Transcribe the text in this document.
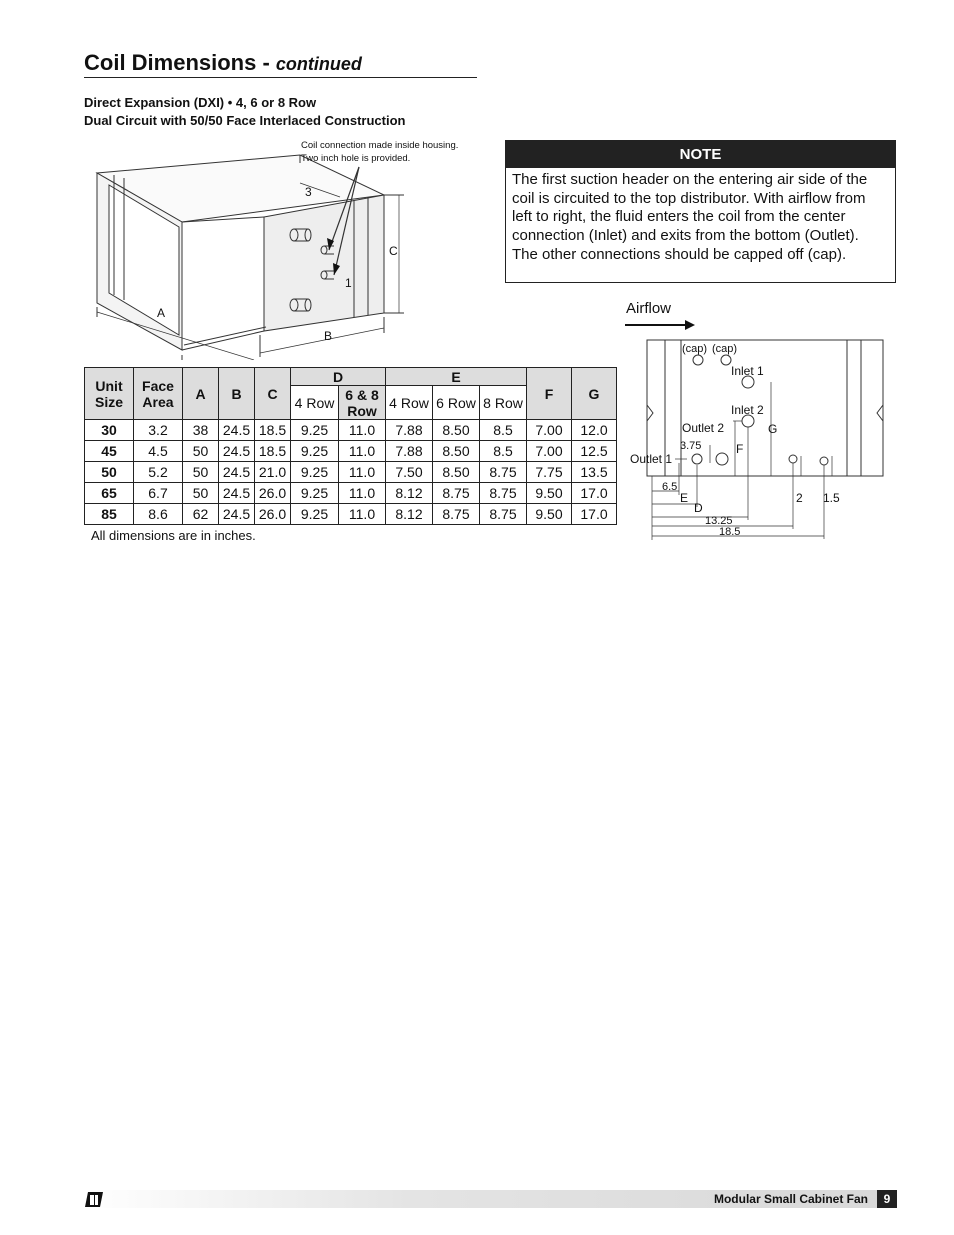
Coil Dimensions - continued
Direct Expansion (DXI) • 4, 6 or 8 Row
Dual Circuit with 50/50 Face Interlaced Construction
Coil connection made inside housing.
Two inch hole is provided.
3
C
1
A
B
NOTE
The first suction header on the entering air side of the coil is circuited to the top distributor. With airflow from left to right, the fluid enters the coil from the center connection (Inlet) and exits from the bottom (Outlet). The other connections should be capped off (cap).
Airflow
(cap) (cap)
Inlet 1
Inlet 2
Outlet 2	G
3.75	F
Outlet 1
6.5
E
D
2 1.5
13.25
18.5
Unit Size	Face Area	A	B	C	D		E			F	G
					4 Row	6 & 8 Row	4 Row	6 Row	8 Row		
30	3.2	38	24.5	18.5	9.25	11.0	7.88	8.50	8.5	7.00	12.0
45	4.5	50	24.5	18.5	9.25	11.0	7.88	8.50	8.5	7.00	12.5
50	5.2	50	24.5	21.0	9.25	11.0	7.50	8.50	8.75	7.75	13.5
65	6.7	50	24.5	26.0	9.25	11.0	8.12	8.75	8.75	9.50	17.0
85	8.6	62	24.5	26.0	9.25	11.0	8.12	8.75	8.75	9.50	17.0
All dimensions are in inches.
Modular Small Cabinet Fan	9
